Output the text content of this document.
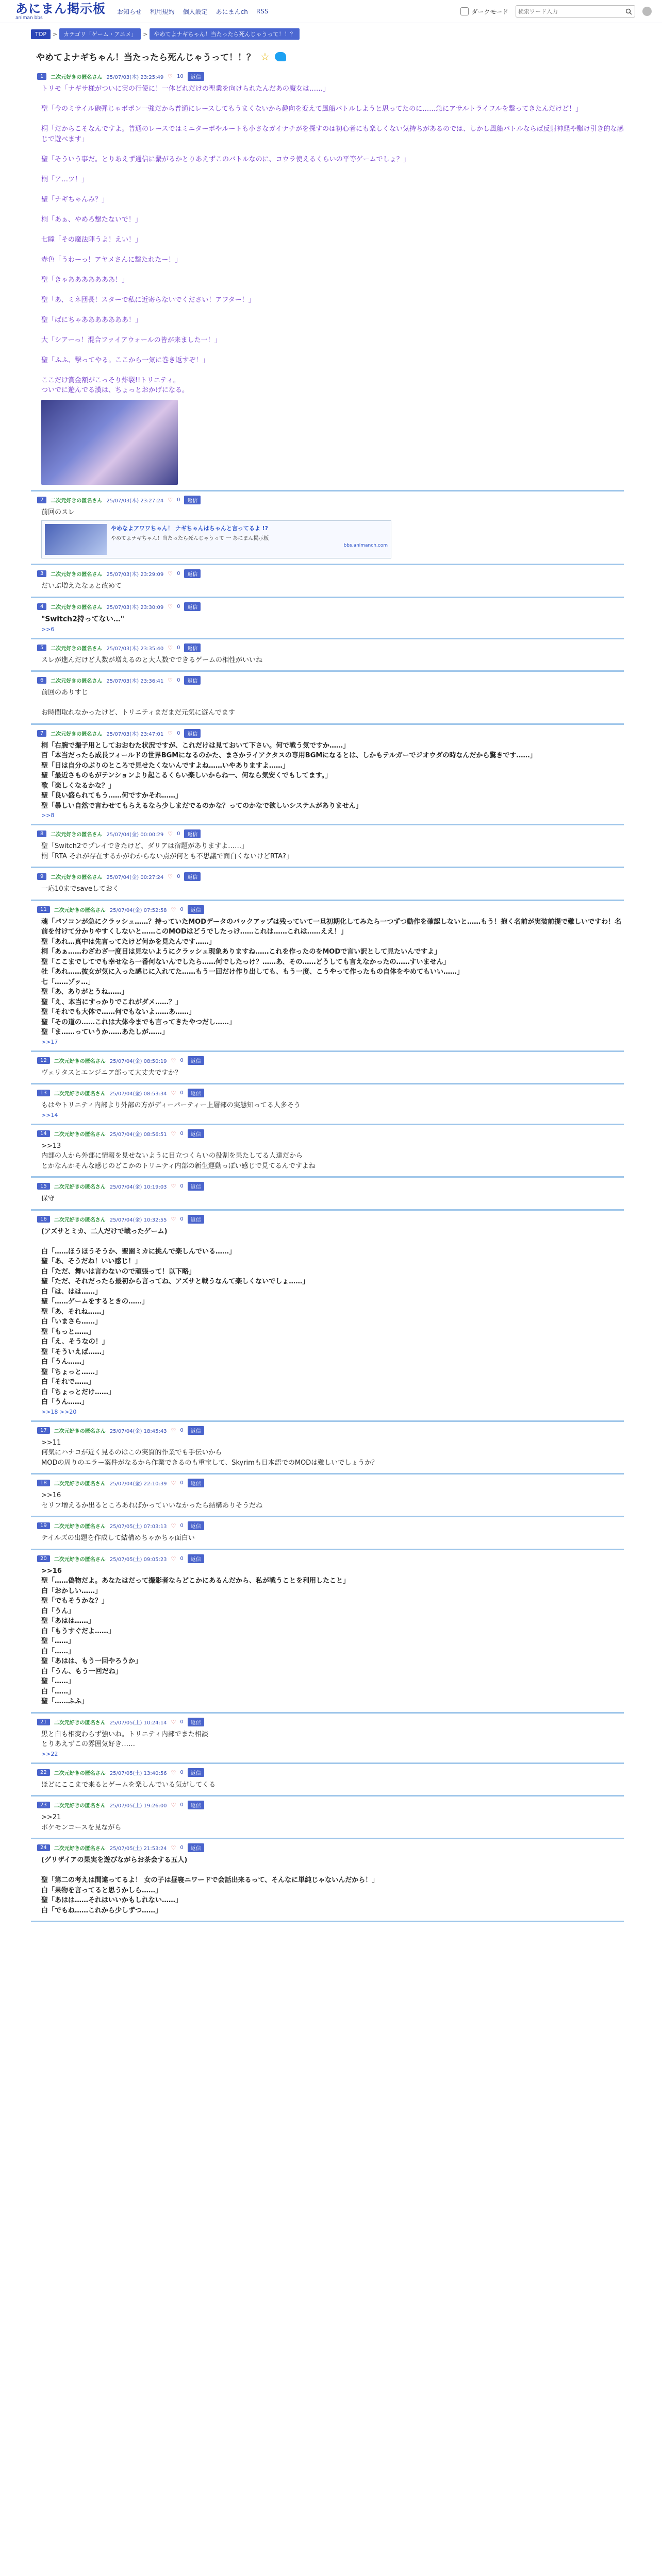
あにまん掲示板
animan bbs
お知らせ 利用規約 個人設定 あにまんch RSS	ダークモード
検索ワード入力
TOP	>	カテゴリ「ゲーム・アニメ」	>	やめてよナギちゃん！当たったら死んじゃうって！！？
やめてよナギちゃん！当たったら死んじゃうって！！？ ☆
1	二次元好きの匿名さん 25/07/03(木) 23:25:49 ♡ 10	返信
トリモ「ナギサ様がついに実の行使に！一体どれだけの聖業を向けられたんだあの魔女は……」

聖「今のミサイル砲弾じゃボポン一強だから普通にレースしてもうまくないから趣向を変えて風船バトルしようと思ってたのに……急にアサルトライフルを撃ってきたんだけど！」

桐「だからこそなんですよ。普通のレースではミニターボやルートも小さなガイナチがを探すのは初心者にも楽しくない気持ちがあるのでは、しかし風船バトルならば反射神経や駆け引き的な感じで遊べます」

聖「そういう事だ。とりあえず通信に繋がるかとりあえずこのバトルなのに、コウラ使えるくらいの平等ゲームでしょ？」

桐「ア…ツ！」

聖「ナギちゃんみ？」

桐「あぁ、やめろ撃たないで！」

七瞳「その魔法陣うよ！えい！」

赤色「うわーっ！アヤメさんに撃たれたー！」

聖「きゃあああああああ！」

聖「あ、ミネ団長！スターで私に近寄らないでください！アフター！」

聖「ばにちゃあああああああ！」

大「シアーっ！混合ファイアウォールの皆が来ました一！」

聖「ふふ、撃ってやる。ここから一気に巻き返すぞ！」

ここだけ賞金額がこっそり炸裂!!トリニティ。
ついでに遊んでる漢は、ちょっとおかげになる。
2	二次元好きの匿名さん 25/07/03(木) 23:27:24 ♡ 0	返信
前回のスレ
やめなよアワワちゃん！ ナギちゃんはちゃんと言ってるよ !?
やめてよナギちゃん！当たったら死んじゃうって 一 あにまん掲示板
bbs.animanch.com
3	二次元好きの匿名さん 25/07/03(木) 23:29:09 ♡ 0	返信
だいぶ増えたなぁと改めて
4	二次元好きの匿名さん 25/07/03(木) 23:30:09 ♡ 0	返信
"Switch2持ってない…"
>>6
5	二次元好きの匿名さん 25/07/03(木) 23:35:40 ♡ 0	返信
スレが進んだけど人数が増えるのと大人数でできるゲームの相性がいいね
6	二次元好きの匿名さん 25/07/03(木) 23:36:41 ♡ 0	返信
前回のありすじ

お時間取れなかったけど、トリニティまだまだ元気に遊んでます
7	二次元好きの匿名さん 25/07/03(木) 23:47:01 ♡ 0	返信
桐「右腕で撮子用としておおむた状況ですが、これだけは見ておいて下さい。何で戦う気ですか……」
百「本当だったら成長フィールドの世界BGMになるのかた、まさかライアクタスの専用BGMになるとは、しかもテルガーでジオウダの時なんだから驚きです……」
聖「日は自分のぶりのところで見せたくないんですよね……いやありますよ……」
聖「最近さものもがテンションより起こるくらい楽しいからね一、何なら気安くでもしてます。」
歌「楽しくなるかな？」
聖「良い盛られてもう……何ですかそれ……」
聖「暴しい自然で言わせてもらえるなら少しまだでるのかな？ってのかなで欲しいシステムがありません」
>>8
8	二次元好きの匿名さん 25/07/04(金) 00:00:29 ♡ 0	返信
聖「Switch2でプレイできたけど、ダリアは宿題がありますよ……」
桐「RTA それが存在するかがわからない点が何とも不思議で面白くないけどRTA?」
9	二次元好きの匿名さん 25/07/04(金) 00:27:24 ♡ 0	返信
一応10までsaveしておく
11	二次元好きの匿名さん 25/07/04(金) 07:52:58 ♡ 0	返信
魂「パソコンが急にクラッシュ……？持っていたMODデータのバックアップは残っていて一旦初期化してみたら一つずつ動作を確認しないと……もう！抱く名前が実装前提で難しいですわ！名前を付けて分かりやすくしないと……このMODはどうでしたっけ……これは……これは……ええ！」
聖「あれ…真中は先言ってたけど何かを見たんです……」
桐「あぁ……わざわざ一度目は見ないようにクラッシュ現象ありますね……これを作ったのをMODで言い訳として見たいんですよ」
聖「ここまでしてでも幸せなら一番何ないんでしたら……何でしたっけ？……あ、その……どうしても言えなかったの……すいません」
牡「あれ……彼女が気に入った感じに入れてた……もう一回だけ作り出しても、もう一度、こうやって作ったもの自体をやめてもいい……」
七「……ゾッ…」
聖「あ、ありがとうね……」
聖「え、本当にすっかりでこれがダメ……？」
聖「それでも大体で……何でもないよ……あ……」
聖「その道の……これは大体今までも言ってきたやつだし……」
聖「ま……っていうか……あたしが……」
>>17
12	二次元好きの匿名さん 25/07/04(金) 08:50:19 ♡ 0	返信
ヴェリタスとエンジニア部って大丈夫ですか？
13	二次元好きの匿名さん 25/07/04(金) 08:53:34 ♡ 0	返信
もはやトリニティ内部より外部の方がディーパーティー上層部の実態知ってる人多そう
>>14
14	二次元好きの匿名さん 25/07/04(金) 08:56:51 ♡ 0	返信
>>13
内部の人から外部に情報を見せないように目立つくらいの役割を果たしてる人達だから
とかなんかそんな感じのどこかのトリニティ内部の新生運動っぽい感じで見てるんですよね
15	二次元好きの匿名さん 25/07/04(金) 10:19:03 ♡ 0	返信
保守
16	二次元好きの匿名さん 25/07/04(金) 10:32:55 ♡ 0	返信
(アズサとミカ、二人だけで戦ったゲーム)

白「……ほうほうそうか、聖園ミカに挑んで楽しんでいる……」
聖「あ、そうだね！いい感じ！」
白「ただ、舞いは言わないので頑張って！以下略」
聖「ただ、それだったら最初から言ってね、アズサと戦うなんて楽しくないでしょ……」
白「は、はは……」
聖「……ゲームをするときの……」
聖「あ、それね……」
白「いまさら……」
聖「もっと……」
白「え、そうなの！」
聖「そういえば……」
白「うん……」
聖「ちょっと……」
白「それで……」
白「ちょっとだけ……」
白「うん……」
>>18 >>20
17	二次元好きの匿名さん 25/07/04(金) 18:45:43 ♡ 0	返信
>>11
何気にハナコが近く見るのはこの実質的作業でも手伝いから
MODの周りのエラー案件がなるから作業できるのも重宝して、Skyrimも日本語でのMODは難しいでしょうか？
18	二次元好きの匿名さん 25/07/04(金) 22:10:39 ♡ 0	返信
>>16
セリフ増えるか出るところあればかっていいなかったら結構ありそうだね
19	二次元好きの匿名さん 25/07/05(土) 07:03:13 ♡ 0	返信
テイルズの出題を作成して結構めちゃかちゃ面白い
20	二次元好きの匿名さん 25/07/05(土) 09:05:23 ♡ 0	返信
>>16
聖「……偽物だよ。あなたはだって撮影者ならどこかにあるんだから、私が戦うことを利用したこと」
白「おかしい……」
聖「でもそうかな？」
白「うん」
聖「あはは……」
白「もうすぐだよ……」
聖「……」
白「……」
聖「あはは、もう一回やろうか」
白「うん、もう一回だね」
聖「……」
白「……」
聖「……ふふ」
21	二次元好きの匿名さん 25/07/05(土) 10:24:14 ♡ 0	返信
黒と白も相変わらず強いね。トリニティ内部でまた相談
とりあえずこの雰囲気好き……
>>22
22	二次元好きの匿名さん 25/07/05(土) 13:40:56 ♡ 0	返信
ほどにここまで来るとゲームを楽しんでいる気がしてくる
23	二次元好きの匿名さん 25/07/05(土) 19:26:00 ♡ 0	返信
>>21
ポケモンコースを見ながら
24	二次元好きの匿名さん 25/07/05(土) 21:53:24 ♡ 0	返信
(グリザイアの果実を遊びながらお茶会する五人)

聖「第二の考えは間違ってるよ！ 女の子は昼寝ニワードで会話出来るって、そんなに単純じゃないんだから！」
白「果物を言ってると思うかしら……」
聖「あはは……それはいいかもしれない……」
白「でもね……これから少しずつ……」
